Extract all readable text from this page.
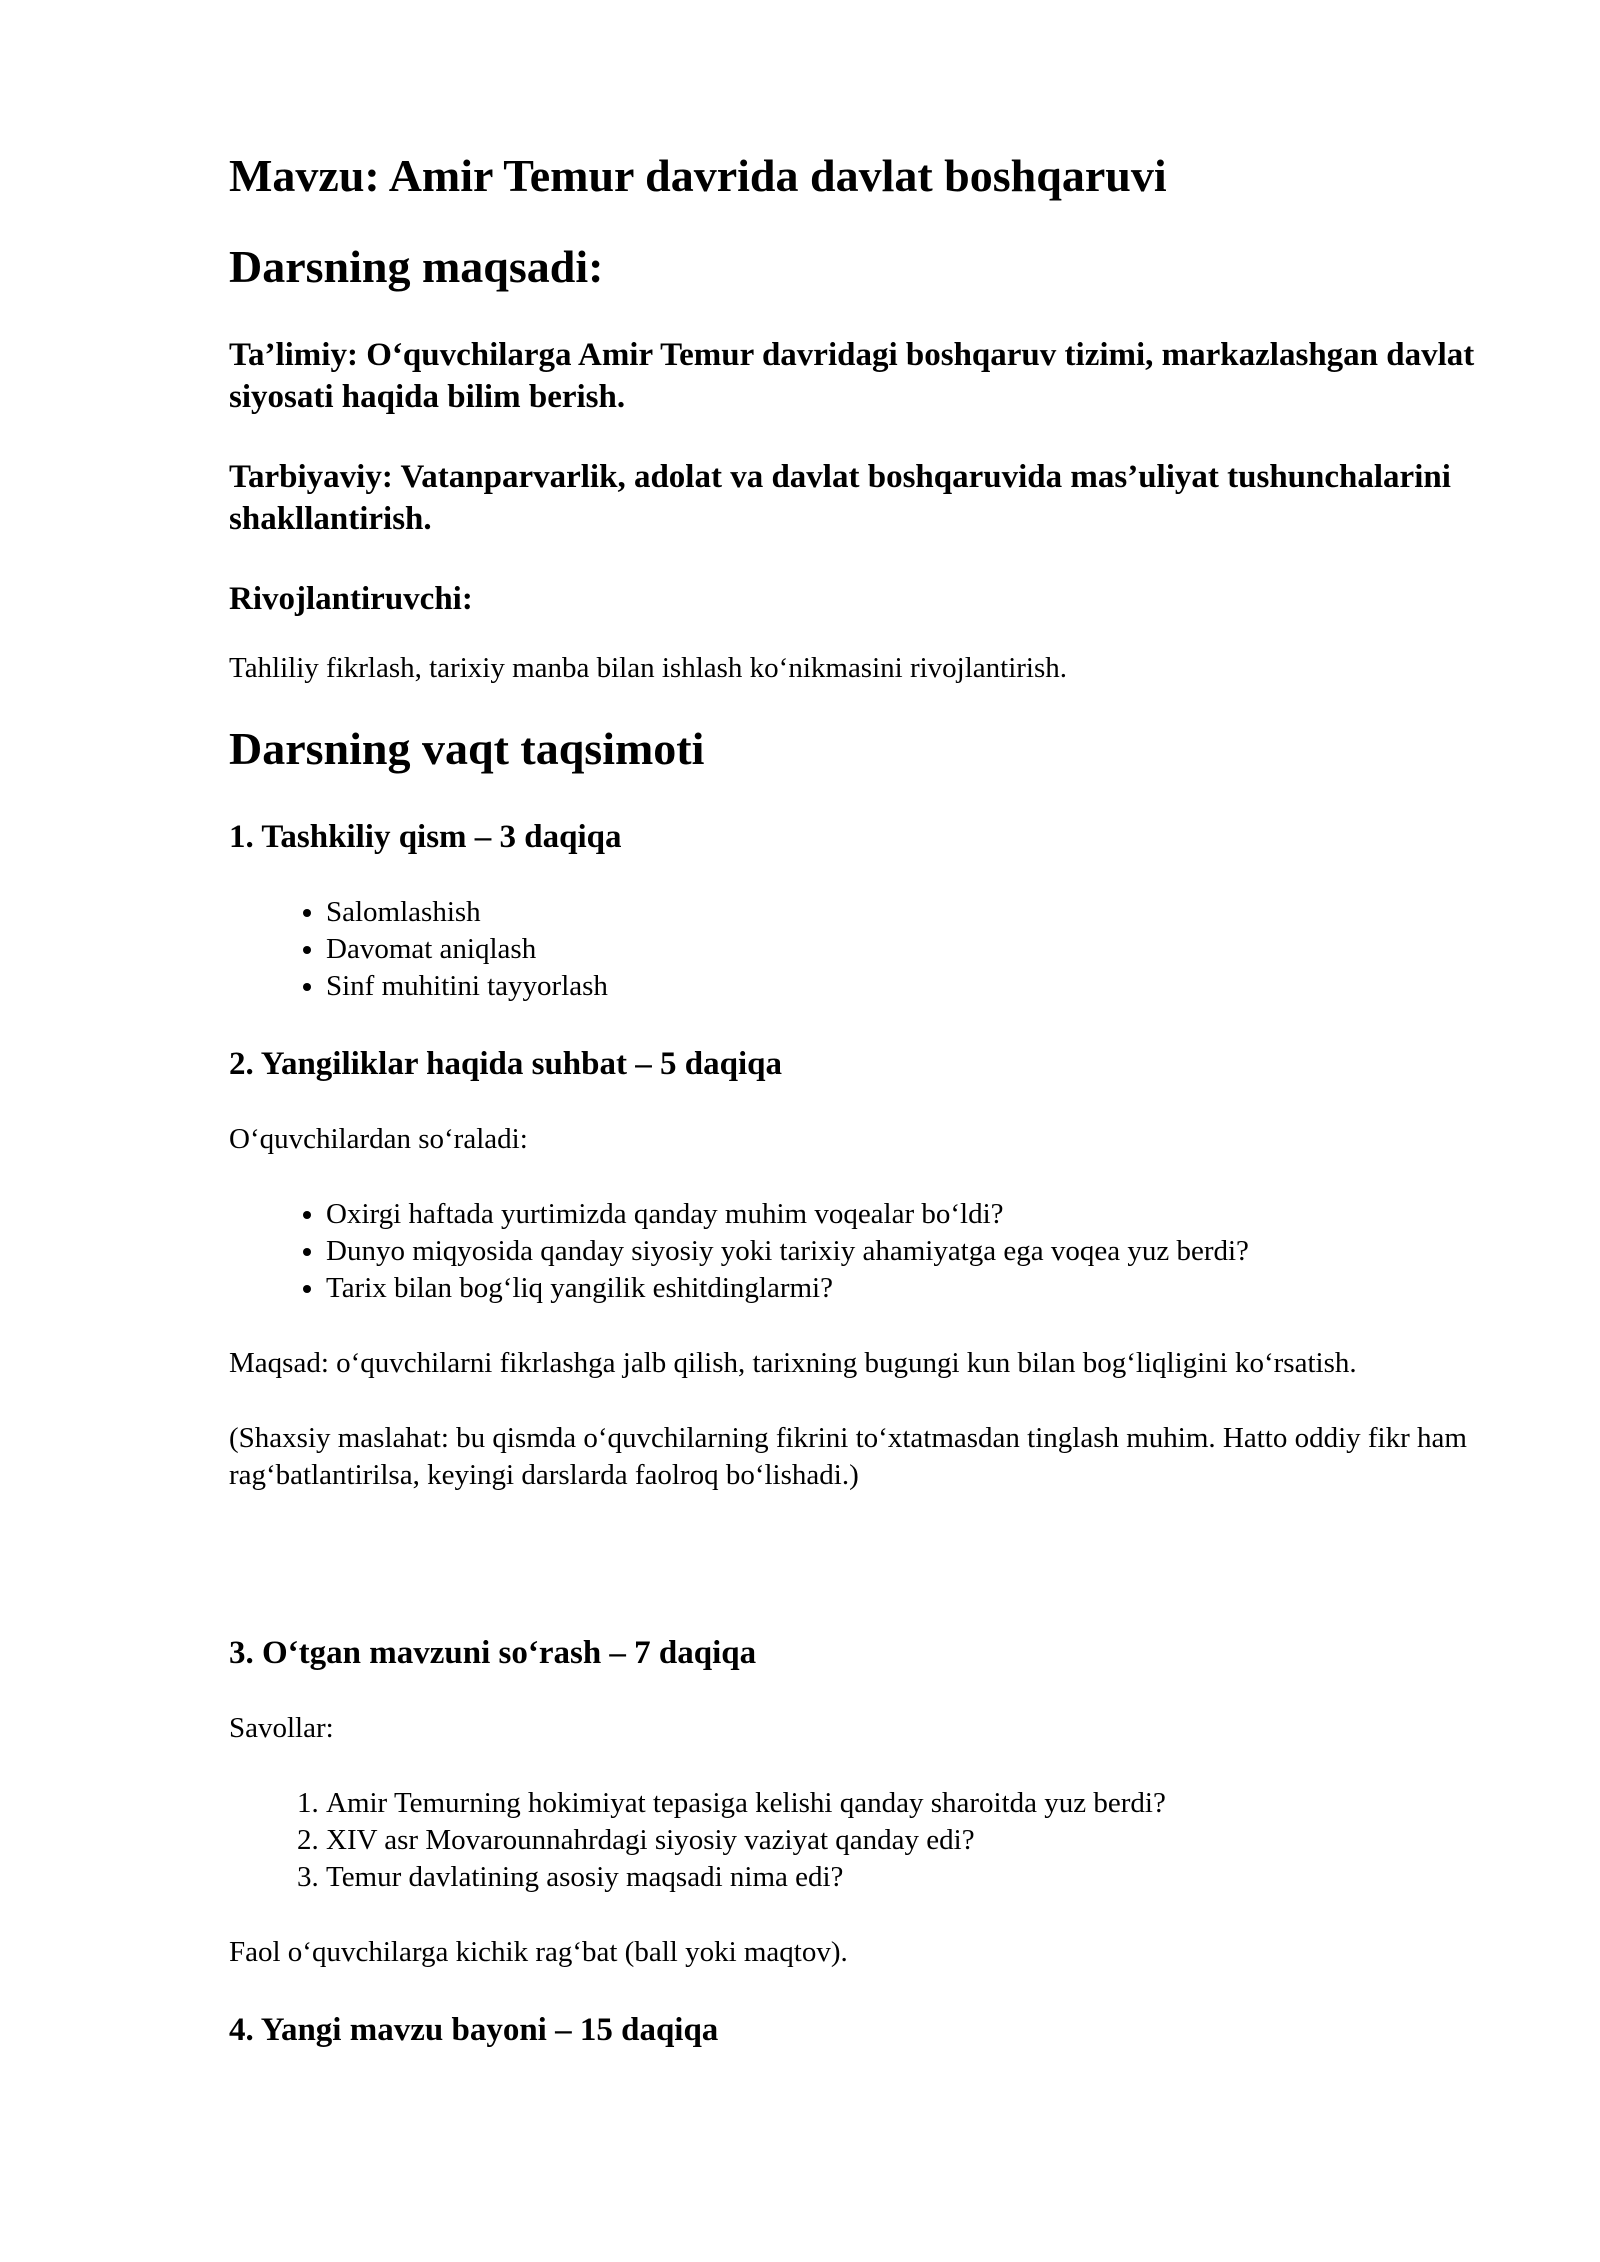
Mavzu: Amir Temur davrida davlat boshqaruvi
Darsning maqsadi:

Ta’limiy: O‘quvchilarga Amir Temur davridagi boshqaruv tizimi, markazlashgan davlat siyosati haqida bilim berish.

Tarbiyaviy: Vatanparvarlik, adolat va davlat boshqaruvida mas’uliyat tushunchalarini shakllantirish.

Rivojlantiruvchi:

Tahliliy fikrlash, tarixiy manba bilan ishlash ko‘nikmasini rivojlantirish.

Darsning vaqt taqsimoti
1. Tashkiliy qism – 3 daqiqa
• Salomlashish
• Davomat aniqlash
• Sinf muhitini tayyorlash
2. Yangiliklar haqida suhbat – 5 daqiqa

O‘quvchilardan so‘raladi:

• Oxirgi haftada yurtimizda qanday muhim voqealar bo‘ldi?
• Dunyo miqyosida qanday siyosiy yoki tarixiy ahamiyatga ega voqea yuz berdi?
• Tarix bilan bog‘liq yangilik eshitdinglarmi?

Maqsad: o‘quvchilarni fikrlashga jalb qilish, tarixning bugungi kun bilan bog‘liqligini ko‘rsatish.

(Shaxsiy maslahat: bu qismda o‘quvchilarning fikrini to‘xtatmasdan tinglash muhim. Hatto oddiy fikr ham rag‘batlantirilsa, keyingi darslarda faolroq bo‘lishadi.)

3. O‘tgan mavzuni so‘rash – 7 daqiqa

Savollar:

1. Amir Temurning hokimiyat tepasiga kelishi qanday sharoitda yuz berdi?
2. XIV asr Movarounnahrdagi siyosiy vaziyat qanday edi?
3. Temur davlatining asosiy maqsadi nima edi?

Faol o‘quvchilarga kichik rag‘bat (ball yoki maqtov).

4. Yangi mavzu bayoni – 15 daqiqa
